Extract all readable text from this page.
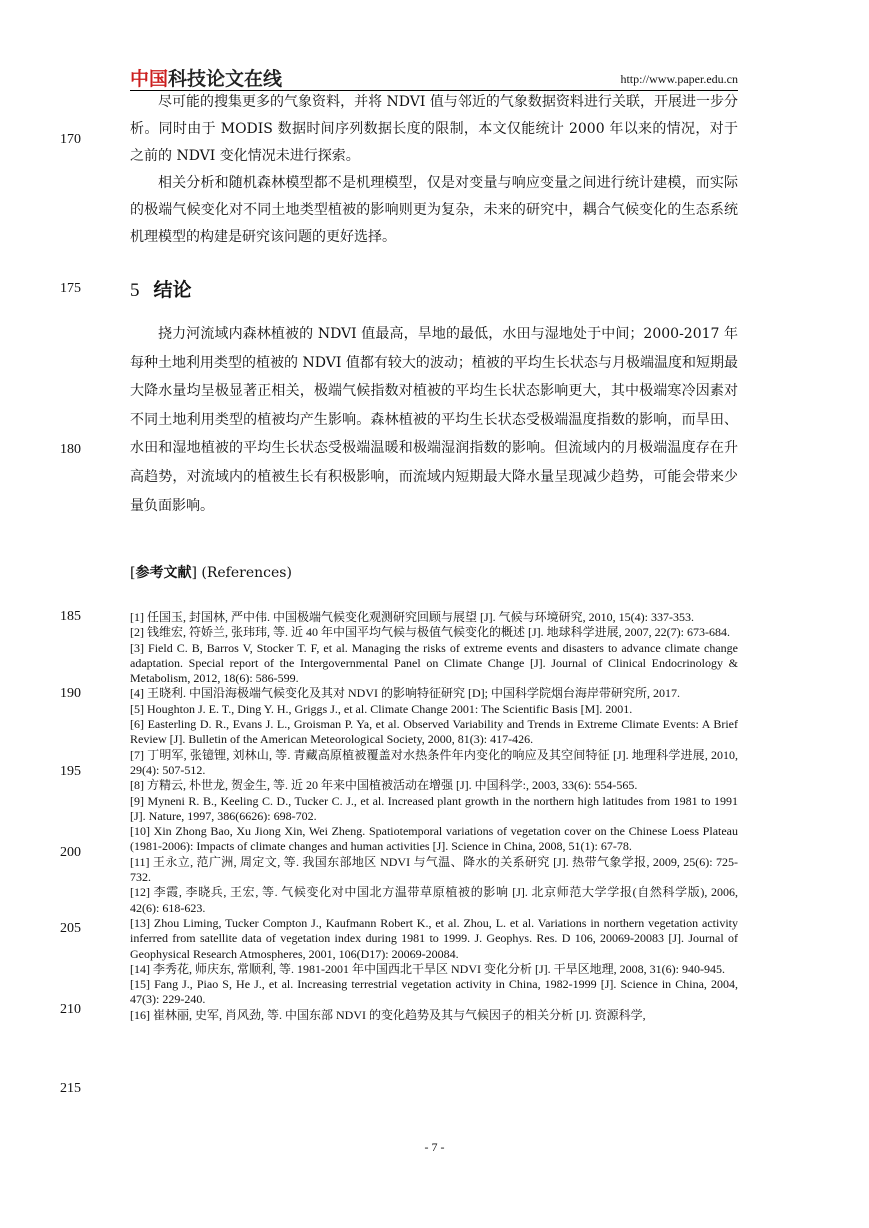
中国科技论文在线	http://www.paper.edu.cn
170
175
180
185
190
195
200
205
210
215

尽可能的搜集更多的气象资料，并将 NDVI 值与邻近的气象数据资料进行关联，开展进一步分析。同时由于 MODIS 数据时间序列数据长度的限制，本文仅能统计 2000 年以来的情况，对于之前的 NDVI 变化情况未进行探索。

相关分析和随机森林模型都不是机理模型，仅是对变量与响应变量之间进行统计建模，而实际的极端气候变化对不同土地类型植被的影响则更为复杂，未来的研究中，耦合气候变化的生态系统机理模型的构建是研究该问题的更好选择。

5 结论

挠力河流域内森林植被的 NDVI 值最高，旱地的最低，水田与湿地处于中间；2000-2017 年每种土地利用类型的植被的 NDVI 值都有较大的波动；植被的平均生长状态与月极端温度和短期最大降水量均呈极显著正相关，极端气候指数对植被的平均生长状态影响更大，其中极端寒冷因素对不同土地利用类型的植被均产生影响。森林植被的平均生长状态受极端温度指数的影响，而旱田、水田和湿地植被的平均生长状态受极端温暖和极端湿润指数的影响。但流域内的月极端温度存在升高趋势，对流域内的植被生长有积极影响，而流域内短期最大降水量呈现减少趋势，可能会带来少量负面影响。

[参考文献] (References)

[1] 任国玉, 封国林, 严中伟. 中国极端气候变化观测研究回顾与展望 [J]. 气候与环境研究, 2010, 15(4): 337-353.

[2] 钱维宏, 符娇兰, 张玮玮, 等. 近 40 年中国平均气候与极值气候变化的概述 [J]. 地球科学进展, 2007, 22(7): 673-684.

[3] Field C. B, Barros V, Stocker T. F, et al. Managing the risks of extreme events and disasters to advance climate change adaptation. Special report of the Intergovernmental Panel on Climate Change [J]. Journal of Clinical Endocrinology & Metabolism, 2012, 18(6): 586-599.

[4] 王晓利. 中国沿海极端气候变化及其对 NDVI 的影响特征研究 [D]; 中国科学院烟台海岸带研究所, 2017.

[5] Houghton J. E. T., Ding Y. H., Griggs J., et al. Climate Change 2001: The Scientific Basis [M]. 2001.

[6] Easterling D. R., Evans J. L., Groisman P. Ya, et al. Observed Variability and Trends in Extreme Climate Events: A Brief Review [J]. Bulletin of the American Meteorological Society, 2000, 81(3): 417-426.

[7] 丁明军, 张镱锂, 刘林山, 等. 青藏高原植被覆盖对水热条件年内变化的响应及其空间特征 [J]. 地理科学进展, 2010, 29(4): 507-512.

[8] 方精云, 朴世龙, 贺金生, 等. 近 20 年来中国植被活动在增强 [J]. 中国科学:, 2003, 33(6): 554-565.

[9] Myneni R. B., Keeling C. D., Tucker C. J., et al. Increased plant growth in the northern high latitudes from 1981 to 1991 [J]. Nature, 1997, 386(6626): 698-702.

[10] Xin Zhong Bao, Xu Jiong Xin, Wei Zheng. Spatiotemporal variations of vegetation cover on the Chinese Loess Plateau (1981-2006): Impacts of climate changes and human activities [J]. Science in China, 2008, 51(1): 67-78.

[11] 王永立, 范广洲, 周定文, 等. 我国东部地区 NDVI 与气温、降水的关系研究 [J]. 热带气象学报, 2009, 25(6): 725-732.

[12] 李霞, 李晓兵, 王宏, 等. 气候变化对中国北方温带草原植被的影响 [J]. 北京师范大学学报(自然科学版), 2006, 42(6): 618-623.

[13] Zhou Liming, Tucker Compton J., Kaufmann Robert K., et al. Zhou, L. et al. Variations in northern vegetation activity inferred from satellite data of vegetation index during 1981 to 1999. J. Geophys. Res. D 106, 20069-20083 [J]. Journal of Geophysical Research Atmospheres, 2001, 106(D17): 20069-20084.

[14] 李秀花, 师庆东, 常顺利, 等. 1981-2001 年中国西北干旱区 NDVI 变化分析 [J]. 干旱区地理, 2008, 31(6): 940-945.

[15] Fang J., Piao S, He J., et al. Increasing terrestrial vegetation activity in China, 1982-1999 [J]. Science in China, 2004, 47(3): 229-240.

[16] 崔林丽, 史军, 肖风劲, 等. 中国东部 NDVI 的变化趋势及其与气候因子的相关分析 [J]. 资源科学,

- 7 -
